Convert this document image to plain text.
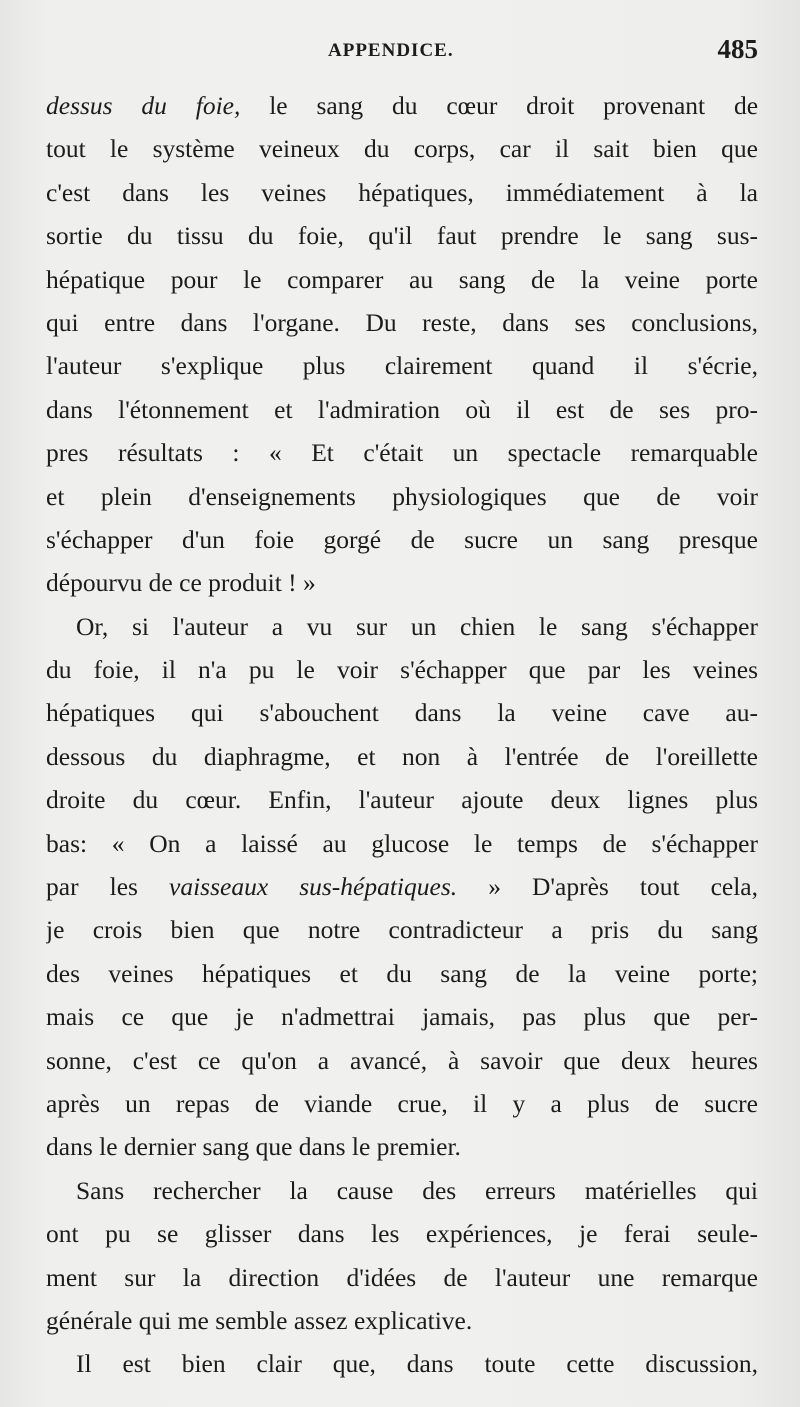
APPENDICE.	485
dessus du foie, le sang du cœur droit provenant de
tout le système veineux du corps, car il sait bien que
c'est dans les veines hépatiques, immédiatement à la
sortie du tissu du foie, qu'il faut prendre le sang sus-
hépatique pour le comparer au sang de la veine porte
qui entre dans l'organe. Du reste, dans ses conclusions,
l'auteur s'explique plus clairement quand il s'écrie,
dans l'étonnement et l'admiration où il est de ses pro-
pres résultats : « Et c'était un spectacle remarquable
et plein d'enseignements physiologiques que de voir
s'échapper d'un foie gorgé de sucre un sang presque
dépourvu de ce produit ! »
Or, si l'auteur a vu sur un chien le sang s'échapper
du foie, il n'a pu le voir s'échapper que par les veines
hépatiques qui s'abouchent dans la veine cave au-
dessous du diaphragme, et non à l'entrée de l'oreillette
droite du cœur. Enfin, l'auteur ajoute deux lignes plus
bas: « On a laissé au glucose le temps de s'échapper
par les vaisseaux sus-hépatiques. » D'après tout cela,
je crois bien que notre contradicteur a pris du sang
des veines hépatiques et du sang de la veine porte;
mais ce que je n'admettrai jamais, pas plus que per-
sonne, c'est ce qu'on a avancé, à savoir que deux heures
après un repas de viande crue, il y a plus de sucre
dans le dernier sang que dans le premier.
Sans rechercher la cause des erreurs matérielles qui
ont pu se glisser dans les expériences, je ferai seule-
ment sur la direction d'idées de l'auteur une remarque
générale qui me semble assez explicative.
Il est bien clair que, dans toute cette discussion,
